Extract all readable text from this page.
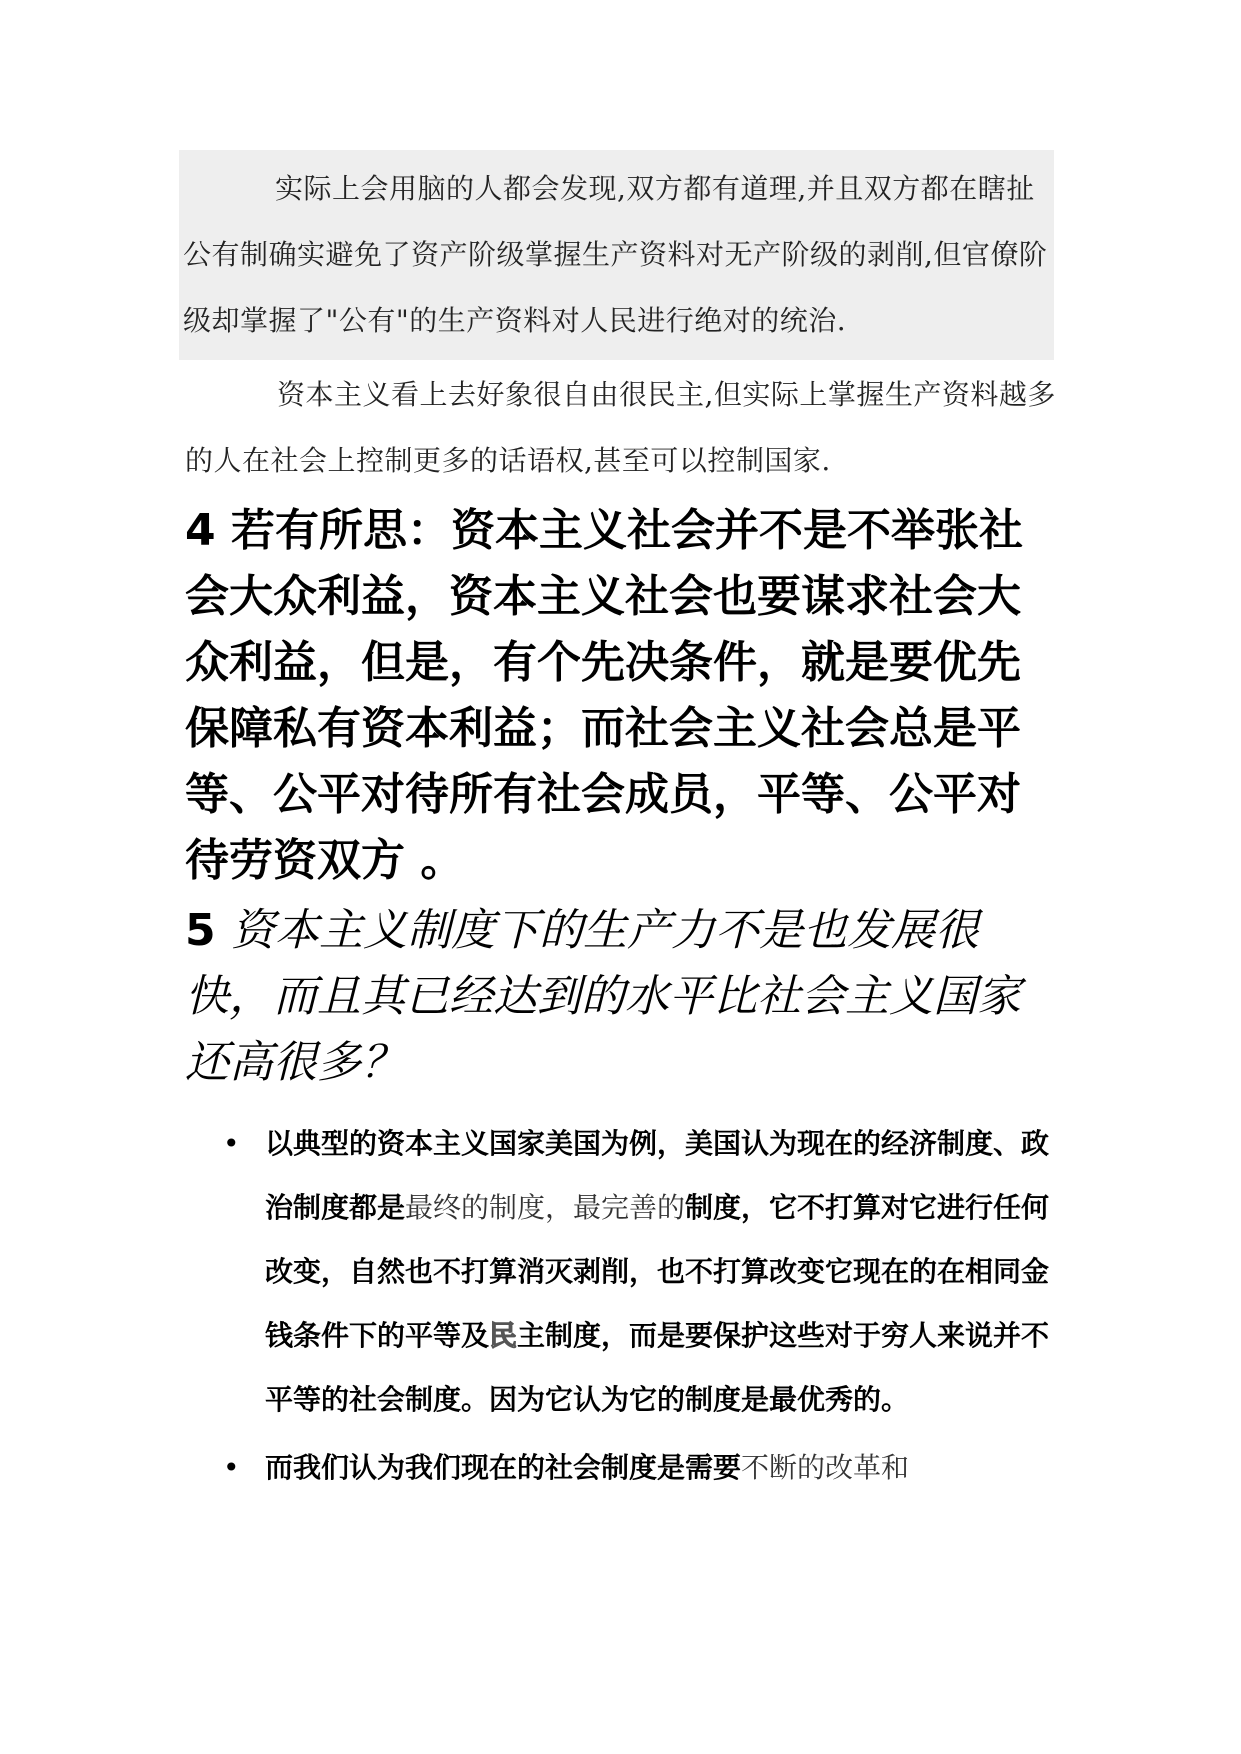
实际上会用脑的人都会发现,双方都有道理,并且双方都在瞎扯公有制确实避免了资产阶级掌握生产资料对无产阶级的剥削,但官僚阶级却掌握了"公有"的生产资料对人民进行绝对的统治.

资本主义看上去好象很自由很民主,但实际上掌握生产资料越多的人在社会上控制更多的话语权,甚至可以控制国家.

4 若有所思：资本主义社会并不是不举张社会大众利益，资本主义社会也要谋求社会大众利益，但是，有个先决条件，就是要优先保障私有资本利益；而社会主义社会总是平等、公平对待所有社会成员，平等、公平对待劳资双方 。
5 资本主义制度下的生产力不是也发展很快，而且其已经达到的水平比社会主义国家还高很多？
• 以典型的资本主义国家美国为例，美国认为现在的经济制度、政治制度都是最终的制度，最完善的制度，它不打算对它进行任何改变，自然也不打算消灭剥削，也不打算改变它现在的在相同金钱条件下的平等及民主制度，而是要保护这些对于穷人来说并不平等的社会制度。因为它认为它的制度是最优秀的。
• 而我们认为我们现在的社会制度是需要不断的改革和
